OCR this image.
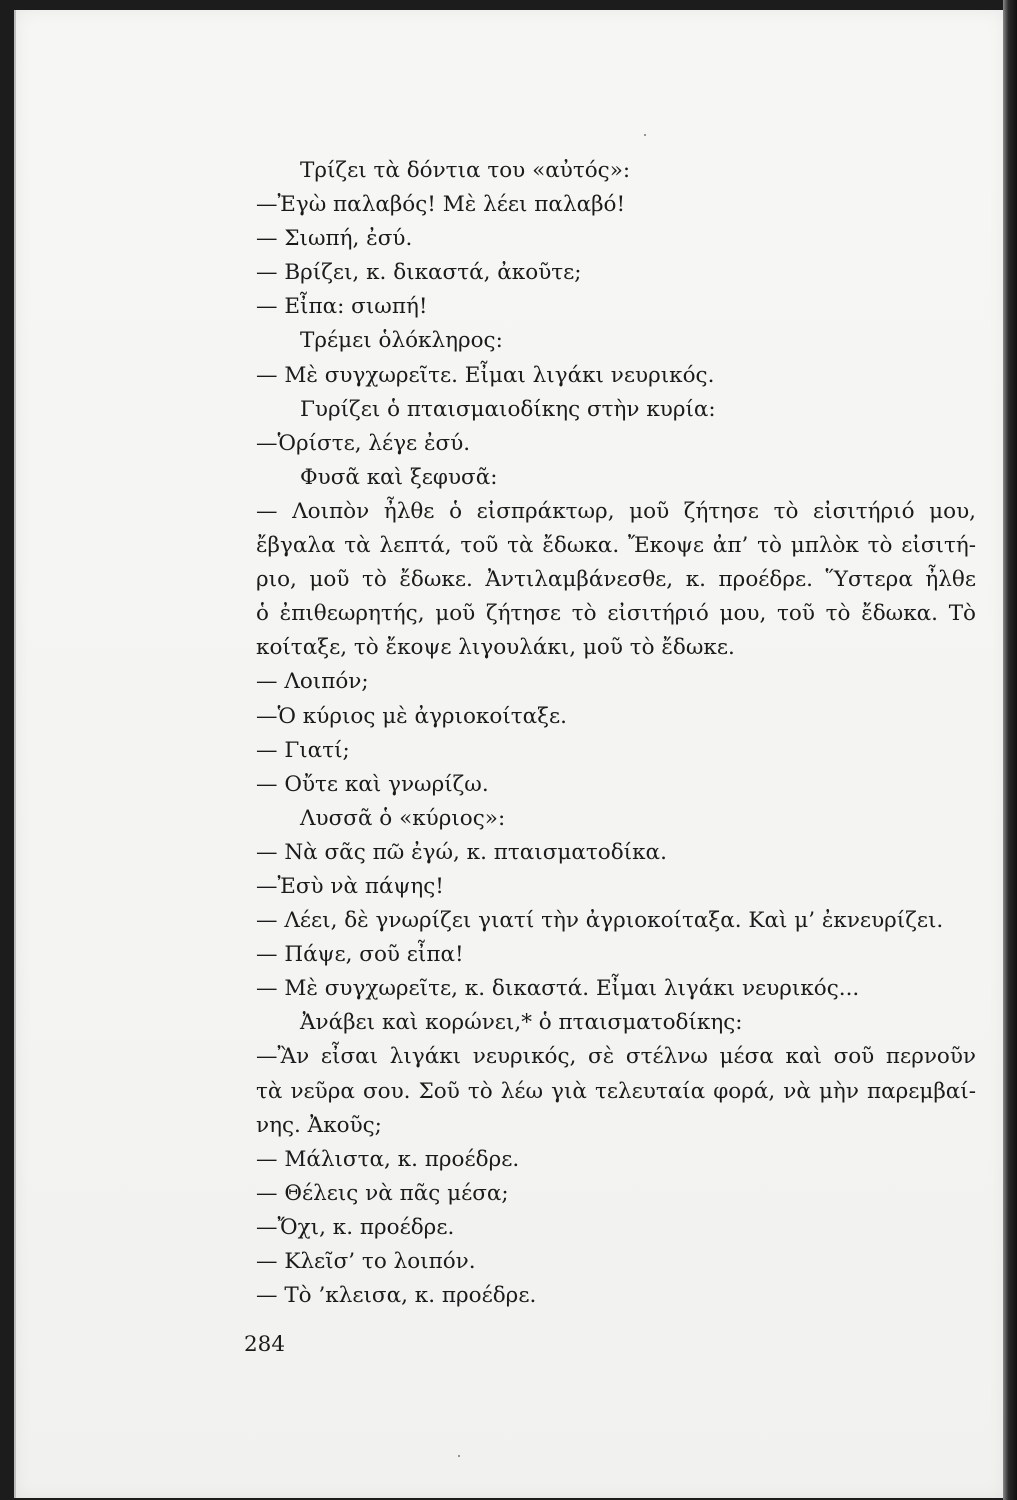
Τρίζει τὰ δόντια του «αὐτός»:
—Ἐγὼ παλαβός! Μὲ λέει παλαβό!
— Σιωπή, ἐσύ.
— Βρίζει, κ. δικαστά, ἀκοῦτε;
— Εἶπα: σιωπή!
Τρέμει ὁλόκληρος:
— Μὲ συγχωρεῖτε. Εἶμαι λιγάκι νευρικός.
Γυρίζει ὁ πταισμαιοδίκης στὴν κυρία:
—Ὁρίστε, λέγε ἐσύ.
Φυσᾶ καὶ ξεφυσᾶ:
— Λοιπὸν ἦλθε ὁ εἰσπράκτωρ, μοῦ ζήτησε τὸ εἰσιτήριό μου,
ἔβγαλα τὰ λεπτά, τοῦ τὰ ἔδωκα. Ἔκοψε ἀπ’ τὸ μπλὸκ τὸ εἰσιτή-
ριο, μοῦ τὸ ἔδωκε. Ἀντιλαμβάνεσθε, κ. προέδρε. Ὕστερα ἦλθε
ὁ ἐπιθεωρητής, μοῦ ζήτησε τὸ εἰσιτήριό μου, τοῦ τὸ ἔδωκα. Τὸ
κοίταξε, τὸ ἔκοψε λιγουλάκι, μοῦ τὸ ἔδωκε.
— Λοιπόν;
—Ὁ κύριος μὲ ἀγριοκοίταξε.
— Γιατί;
— Οὔτε καὶ γνωρίζω.
Λυσσᾶ ὁ «κύριος»:
— Νὰ σᾶς πῶ ἐγώ, κ. πταισματοδίκα.
—Ἐσὺ νὰ πάψης!
— Λέει, δὲ γνωρίζει γιατί τὴν ἀγριοκοίταξα. Καὶ μ’ ἐκνευρίζει.
— Πάψε, σοῦ εἶπα!
— Μὲ συγχωρεῖτε, κ. δικαστά. Εἶμαι λιγάκι νευρικός...
Ἀνάβει καὶ κορώνει,* ὁ πταισματοδίκης:
—Ἂν εἶσαι λιγάκι νευρικός, σὲ στέλνω μέσα καὶ σοῦ περνοῦν
τὰ νεῦρα σου. Σοῦ τὸ λέω γιὰ τελευταία φορά, νὰ μὴν παρεμβαί-
νης. Ἀκοῦς;
— Μάλιστα, κ. προέδρε.
— Θέλεις νὰ πᾶς μέσα;
—Ὄχι, κ. προέδρε.
— Κλεῖσ’ το λοιπόν.
— Τὸ ’κλεισα, κ. προέδρε.
284
